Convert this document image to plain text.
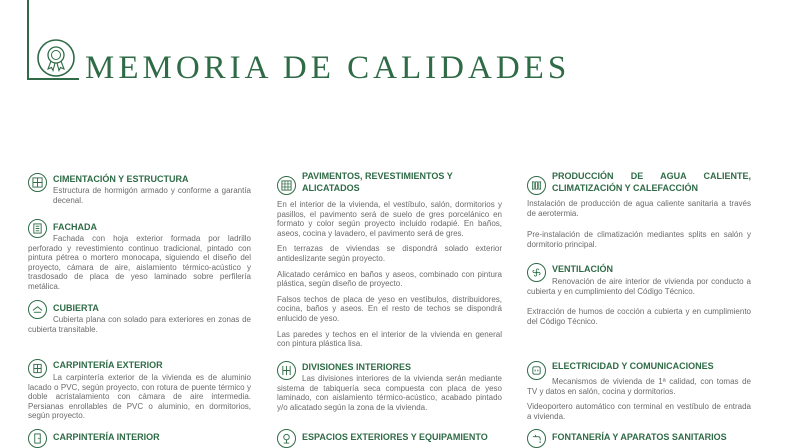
MEMORIA DE CALIDADES
CIMENTACIÓN Y ESTRUCTURA

Estructura de hormigón armado y conforme a garantía decenal.

FACHADA

Fachada con hoja exterior formada por ladrillo perforado y revestimiento continuo tradicional, pintado con pintura pétrea o mortero monocapa, siguiendo el diseño del proyecto, cámara de aire, aislamiento térmico-acústico y trasdosado de placa de yeso laminado sobre perfilería metálica.

CUBIERTA

Cubierta plana con solado para exteriores en zonas de cubierta transitable.

CARPINTERÍA EXTERIOR

La carpintería exterior de la vivienda es de aluminio lacado o PVC, según proyecto, con rotura de puente térmico y doble acristalamiento con cámara de aire intermedia. Persianas enrollables de PVC o aluminio, en dormitorios, según proyecto.

CARPINTERÍA INTERIOR
PAVIMENTOS, REVESTIMIENTOS Y ALICATADOS

En el interior de la vivienda, el vestíbulo, salón, dormitorios y pasillos, el pavimento será de suelo de gres porcelánico en formato y color según proyecto incluido rodapié. En baños, aseos, cocina y lavadero, el pavimento será de gres.

En terrazas de viviendas se dispondrá solado exterior antideslizante según proyecto.

Alicatado cerámico en baños y aseos, combinado con pintura plástica, según diseño de proyecto.

Falsos techos de placa de yeso en vestíbulos, distribuidores, cocina, baños y aseos. En el resto de techos se dispondrá enlucido de yeso.

Las paredes y techos en el interior de la vivienda en general con pintura plástica lisa.

DIVISIONES INTERIORES

Las divisiones interiores de la vivienda serán mediante sistema de tabiquería seca compuesta con placa de yeso laminado, con aislamiento térmico-acústico, acabado pintado y/o alicatado según la zona de la vivienda.

ESPACIOS EXTERIORES Y EQUIPAMIENTO
PRODUCCIÓN DE AGUA CALIENTE, CLIMATIZACIÓN Y CALEFACCIÓN

Instalación de producción de agua caliente sanitaria a través de aerotermia.

Pre-instalación de climatización mediantes splits en salón y dormitorio principal.

VENTILACIÓN

Renovación de aire interior de vivienda por conducto a cubierta y en cumplimiento del Código Técnico.

Extracción de humos de cocción a cubierta y en cumplimiento del Código Técnico.

ELECTRICIDAD Y COMUNICACIONES

Mecanismos de vivienda de 1ª calidad, con tomas de TV y datos en salón, cocina y dormitorios.

Videoportero automático con terminal en vestíbulo de entrada a vivienda.

FONTANERÍA Y APARATOS SANITARIOS
